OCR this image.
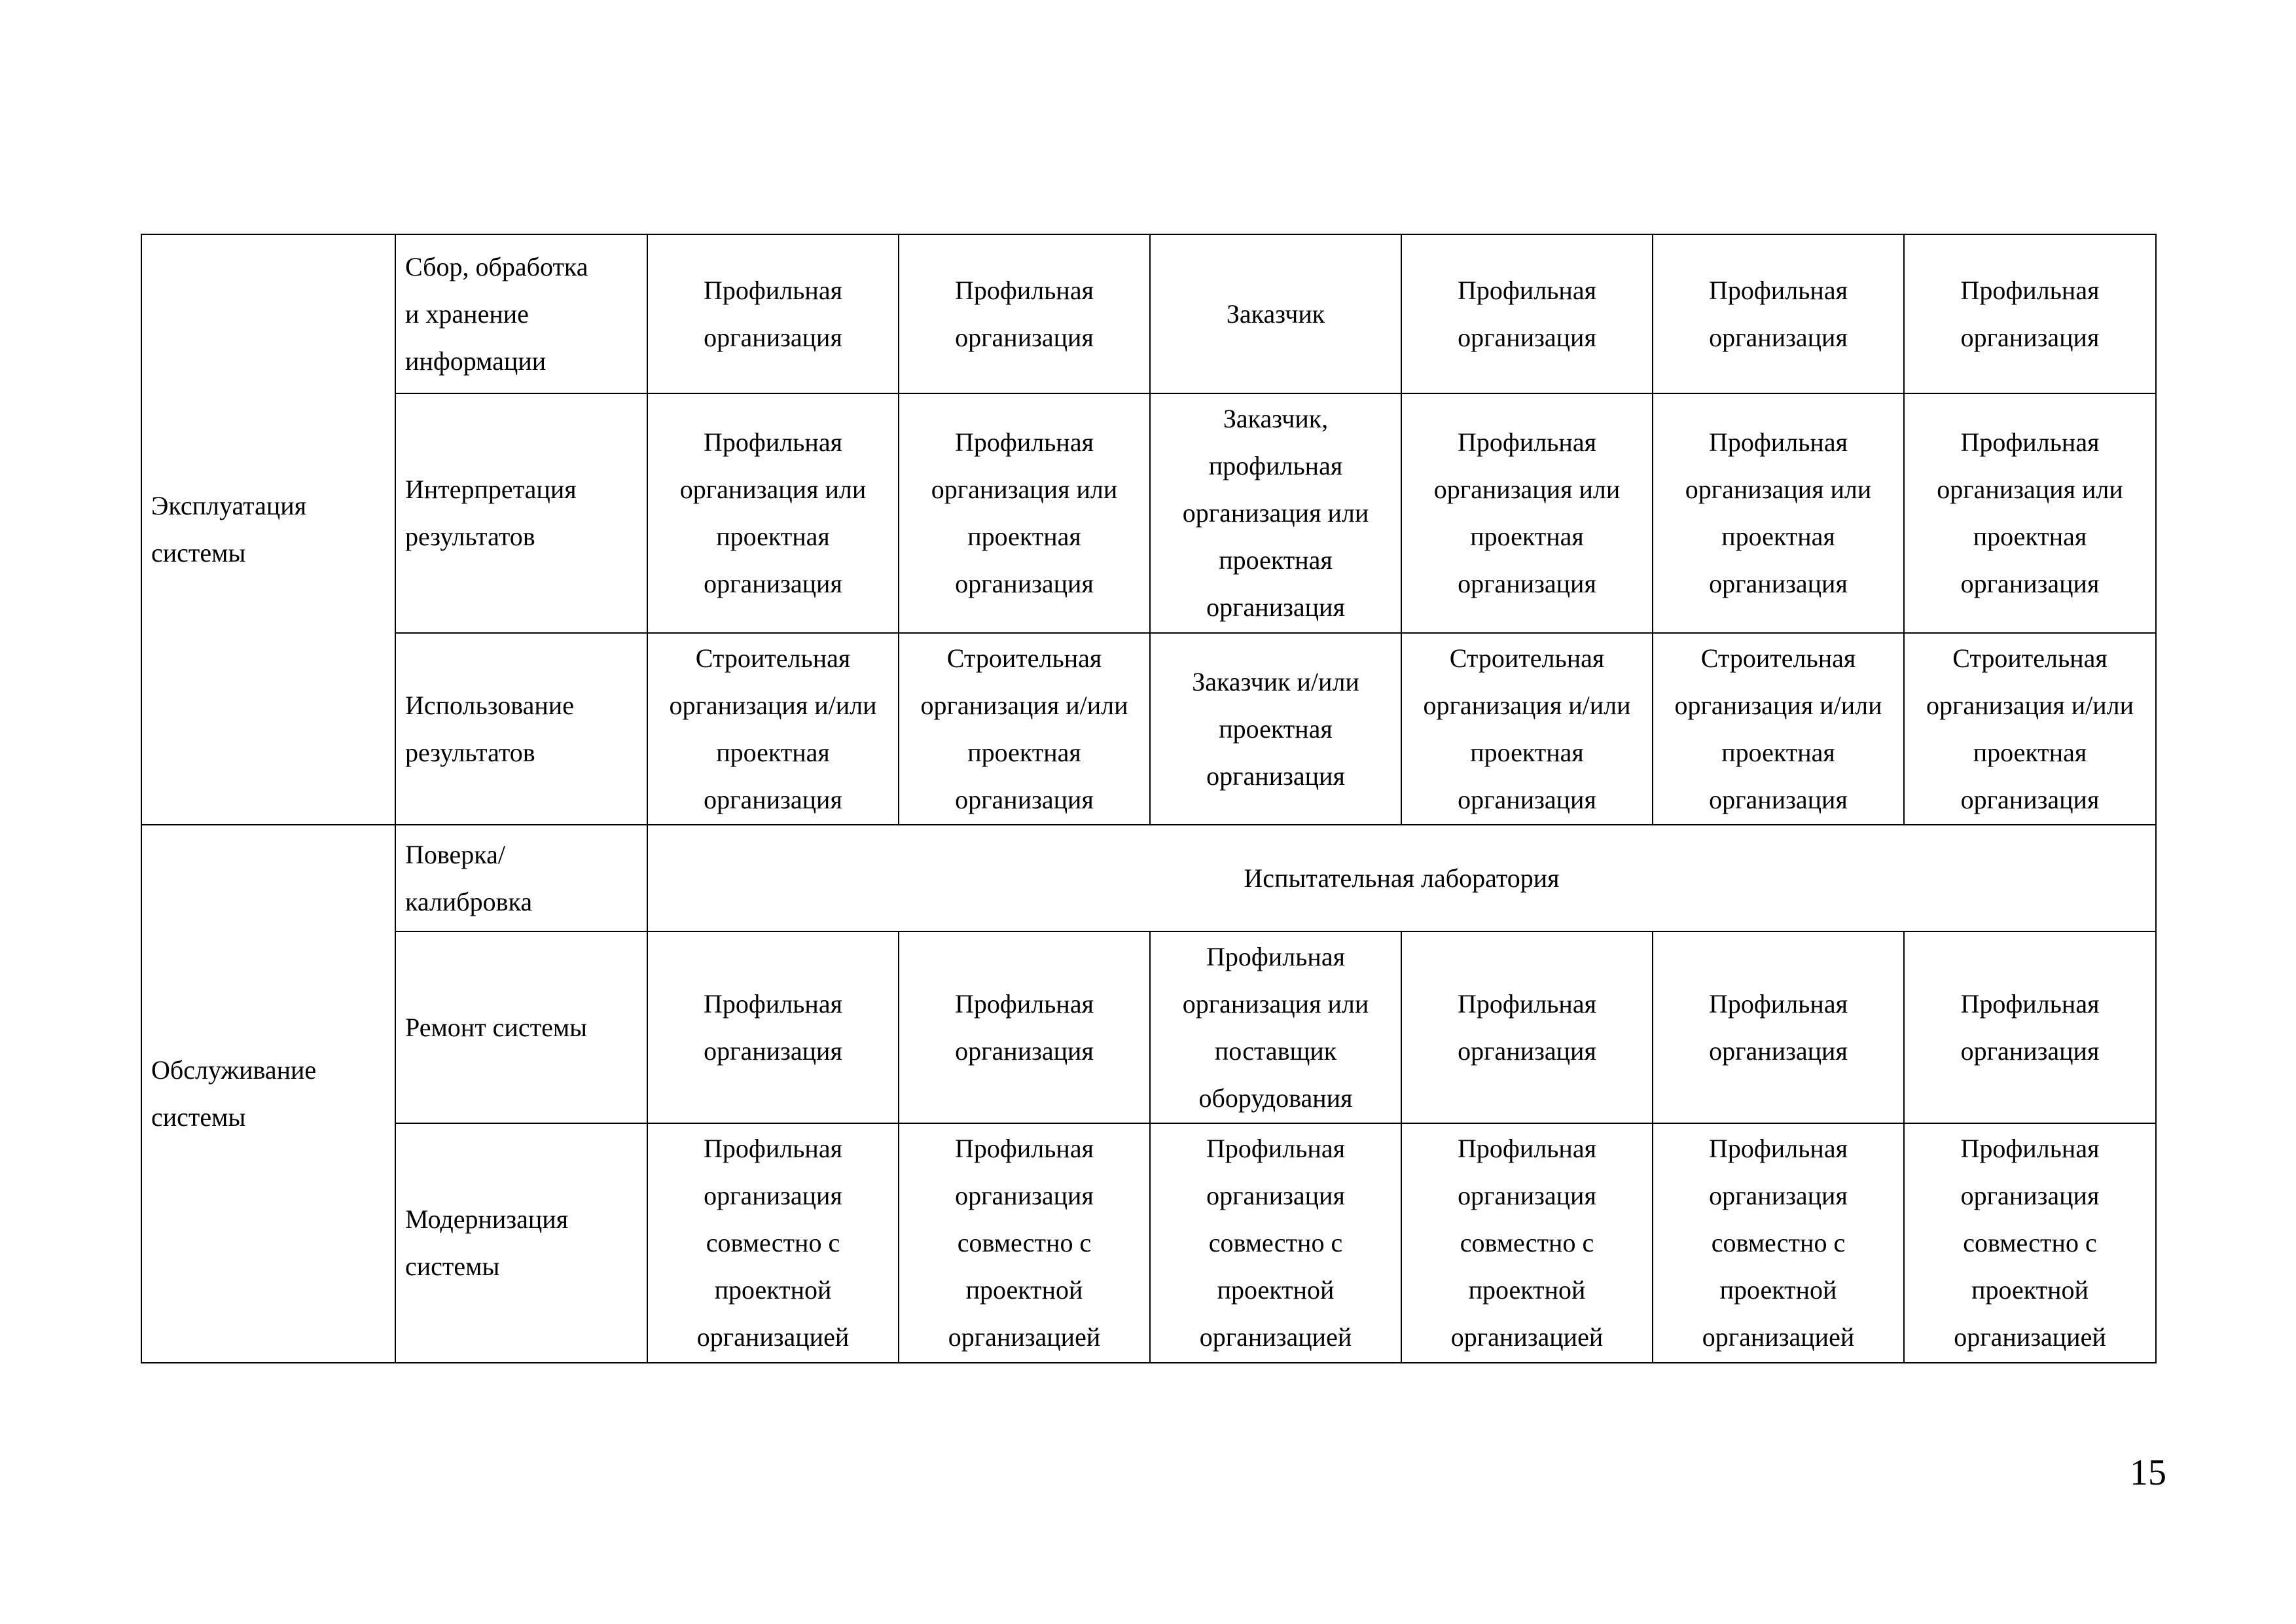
Эксплуатация
системы	Сбор, обработка
и хранение
информации	Профильная
организация	Профильная
организация	Заказчик	Профильная
организация	Профильная
организация	Профильная
организация
	Интерпретация
результатов	Профильная
организация или
проектная
организация	Профильная
организация или
проектная
организация	Заказчик,
профильная
организация или
проектная
организация	Профильная
организация или
проектная
организация	Профильная
организация или
проектная
организация	Профильная
организация или
проектная
организация
	Использование
результатов	Строительная
организация и/или
проектная
организация	Строительная
организация и/или
проектная
организация	Заказчик и/или
проектная
организация	Строительная
организация и/или
проектная
организация	Строительная
организация и/или
проектная
организация	Строительная
организация и/или
проектная
организация
Обслуживание
системы	Поверка/
калибровка	Испытательная лаборатория					
	Ремонт системы	Профильная
организация	Профильная
организация	Профильная
организация или
поставщик
оборудования	Профильная
организация	Профильная
организация	Профильная
организация
	Модернизация
системы	Профильная
организация
совместно с
проектной
организацией	Профильная
организация
совместно с
проектной
организацией	Профильная
организация
совместно с
проектной
организацией	Профильная
организация
совместно с
проектной
организацией	Профильная
организация
совместно с
проектной
организацией	Профильная
организация
совместно с
проектной
организацией
15
